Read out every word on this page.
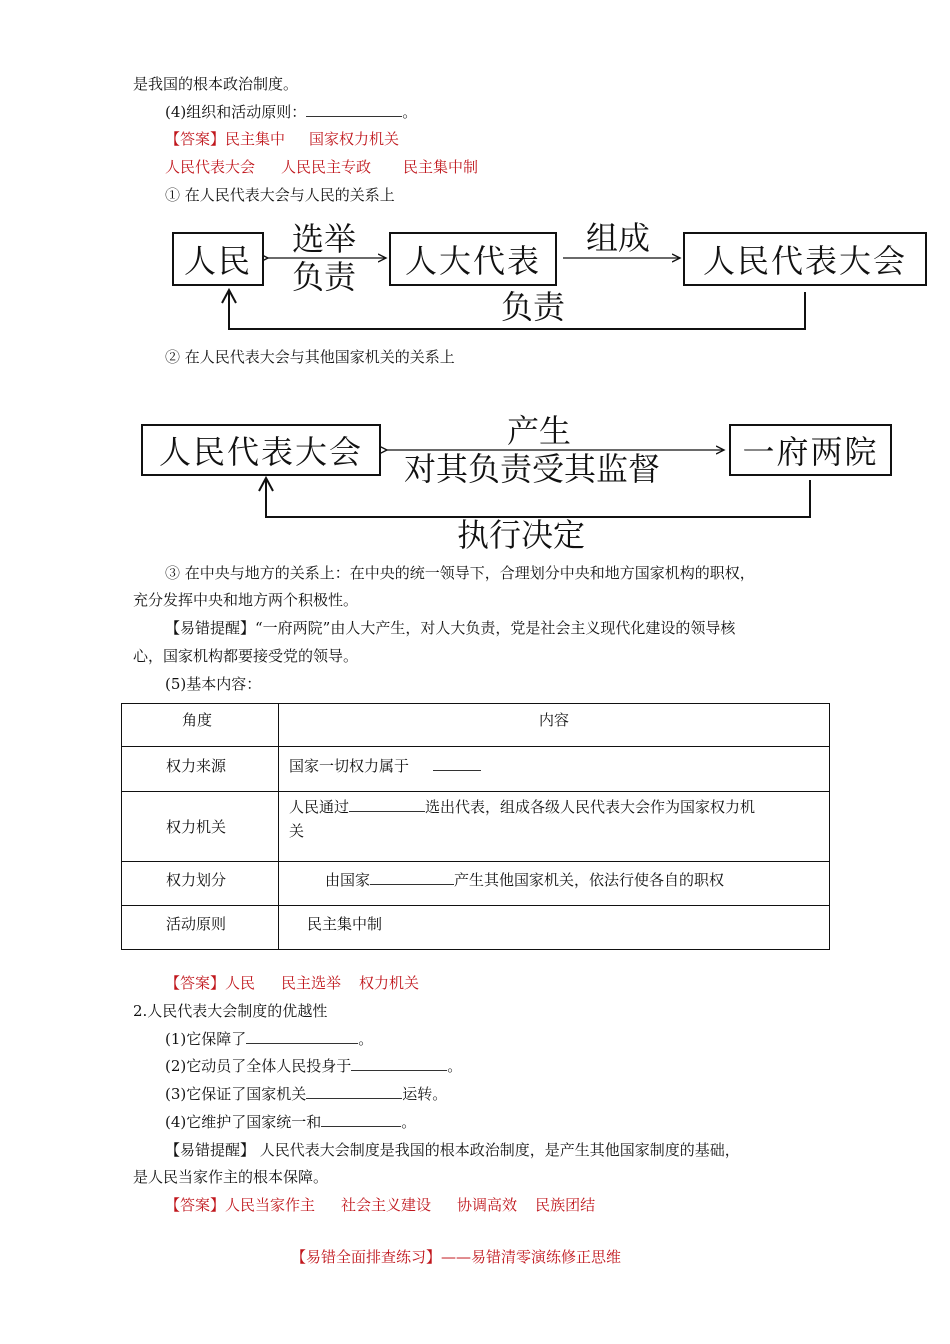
是我国的根本政治制度。
(4)组织和活动原则：	。
【答案】民主集中 国家权力机关
人民代表大会 人民民主专政 民主集中制
① 在人民代表大会与人民的关系上
人民	人大代表	人民代表大会
选举
负责
组成
负责
② 在人民代表大会与其他国家机关的关系上
人民代表大会	一府两院
产生
对其负责受其监督
执行决定
③ 在中央与地方的关系上：在中央的统一领导下，合理划分中央和地方国家机构的职权，
充分发挥中央和地方两个积极性。
【易错提醒】“一府两院”由人大产生，对人大负责，党是社会主义现代化建设的领导核
心，国家机构都要接受党的领导。
(5)基本内容：
角度	内容

权力来源	国家一切权力属于

权力机关	人民通过 选出代表，组成各级人民代表大会作为国家权力机
关

权力划分	由国家 产生其他国家机关，依法行使各自的职权

活动原则	民主集中制
【答案】人民 民主选举 权力机关
2.人民代表大会制度的优越性
(1)它保障了	。
(2)它动员了全体人民投身于	。
(3)它保证了国家机关	运转。
(4)它维护了国家统一和	。
【易错提醒】 人民代表大会制度是我国的根本政治制度，是产生其他国家制度的基础，
是人民当家作主的根本保障。
【答案】人民当家作主 社会主义建设 协调高效 民族团结
【易错全面排查练习】——易错清零演练修正思维
